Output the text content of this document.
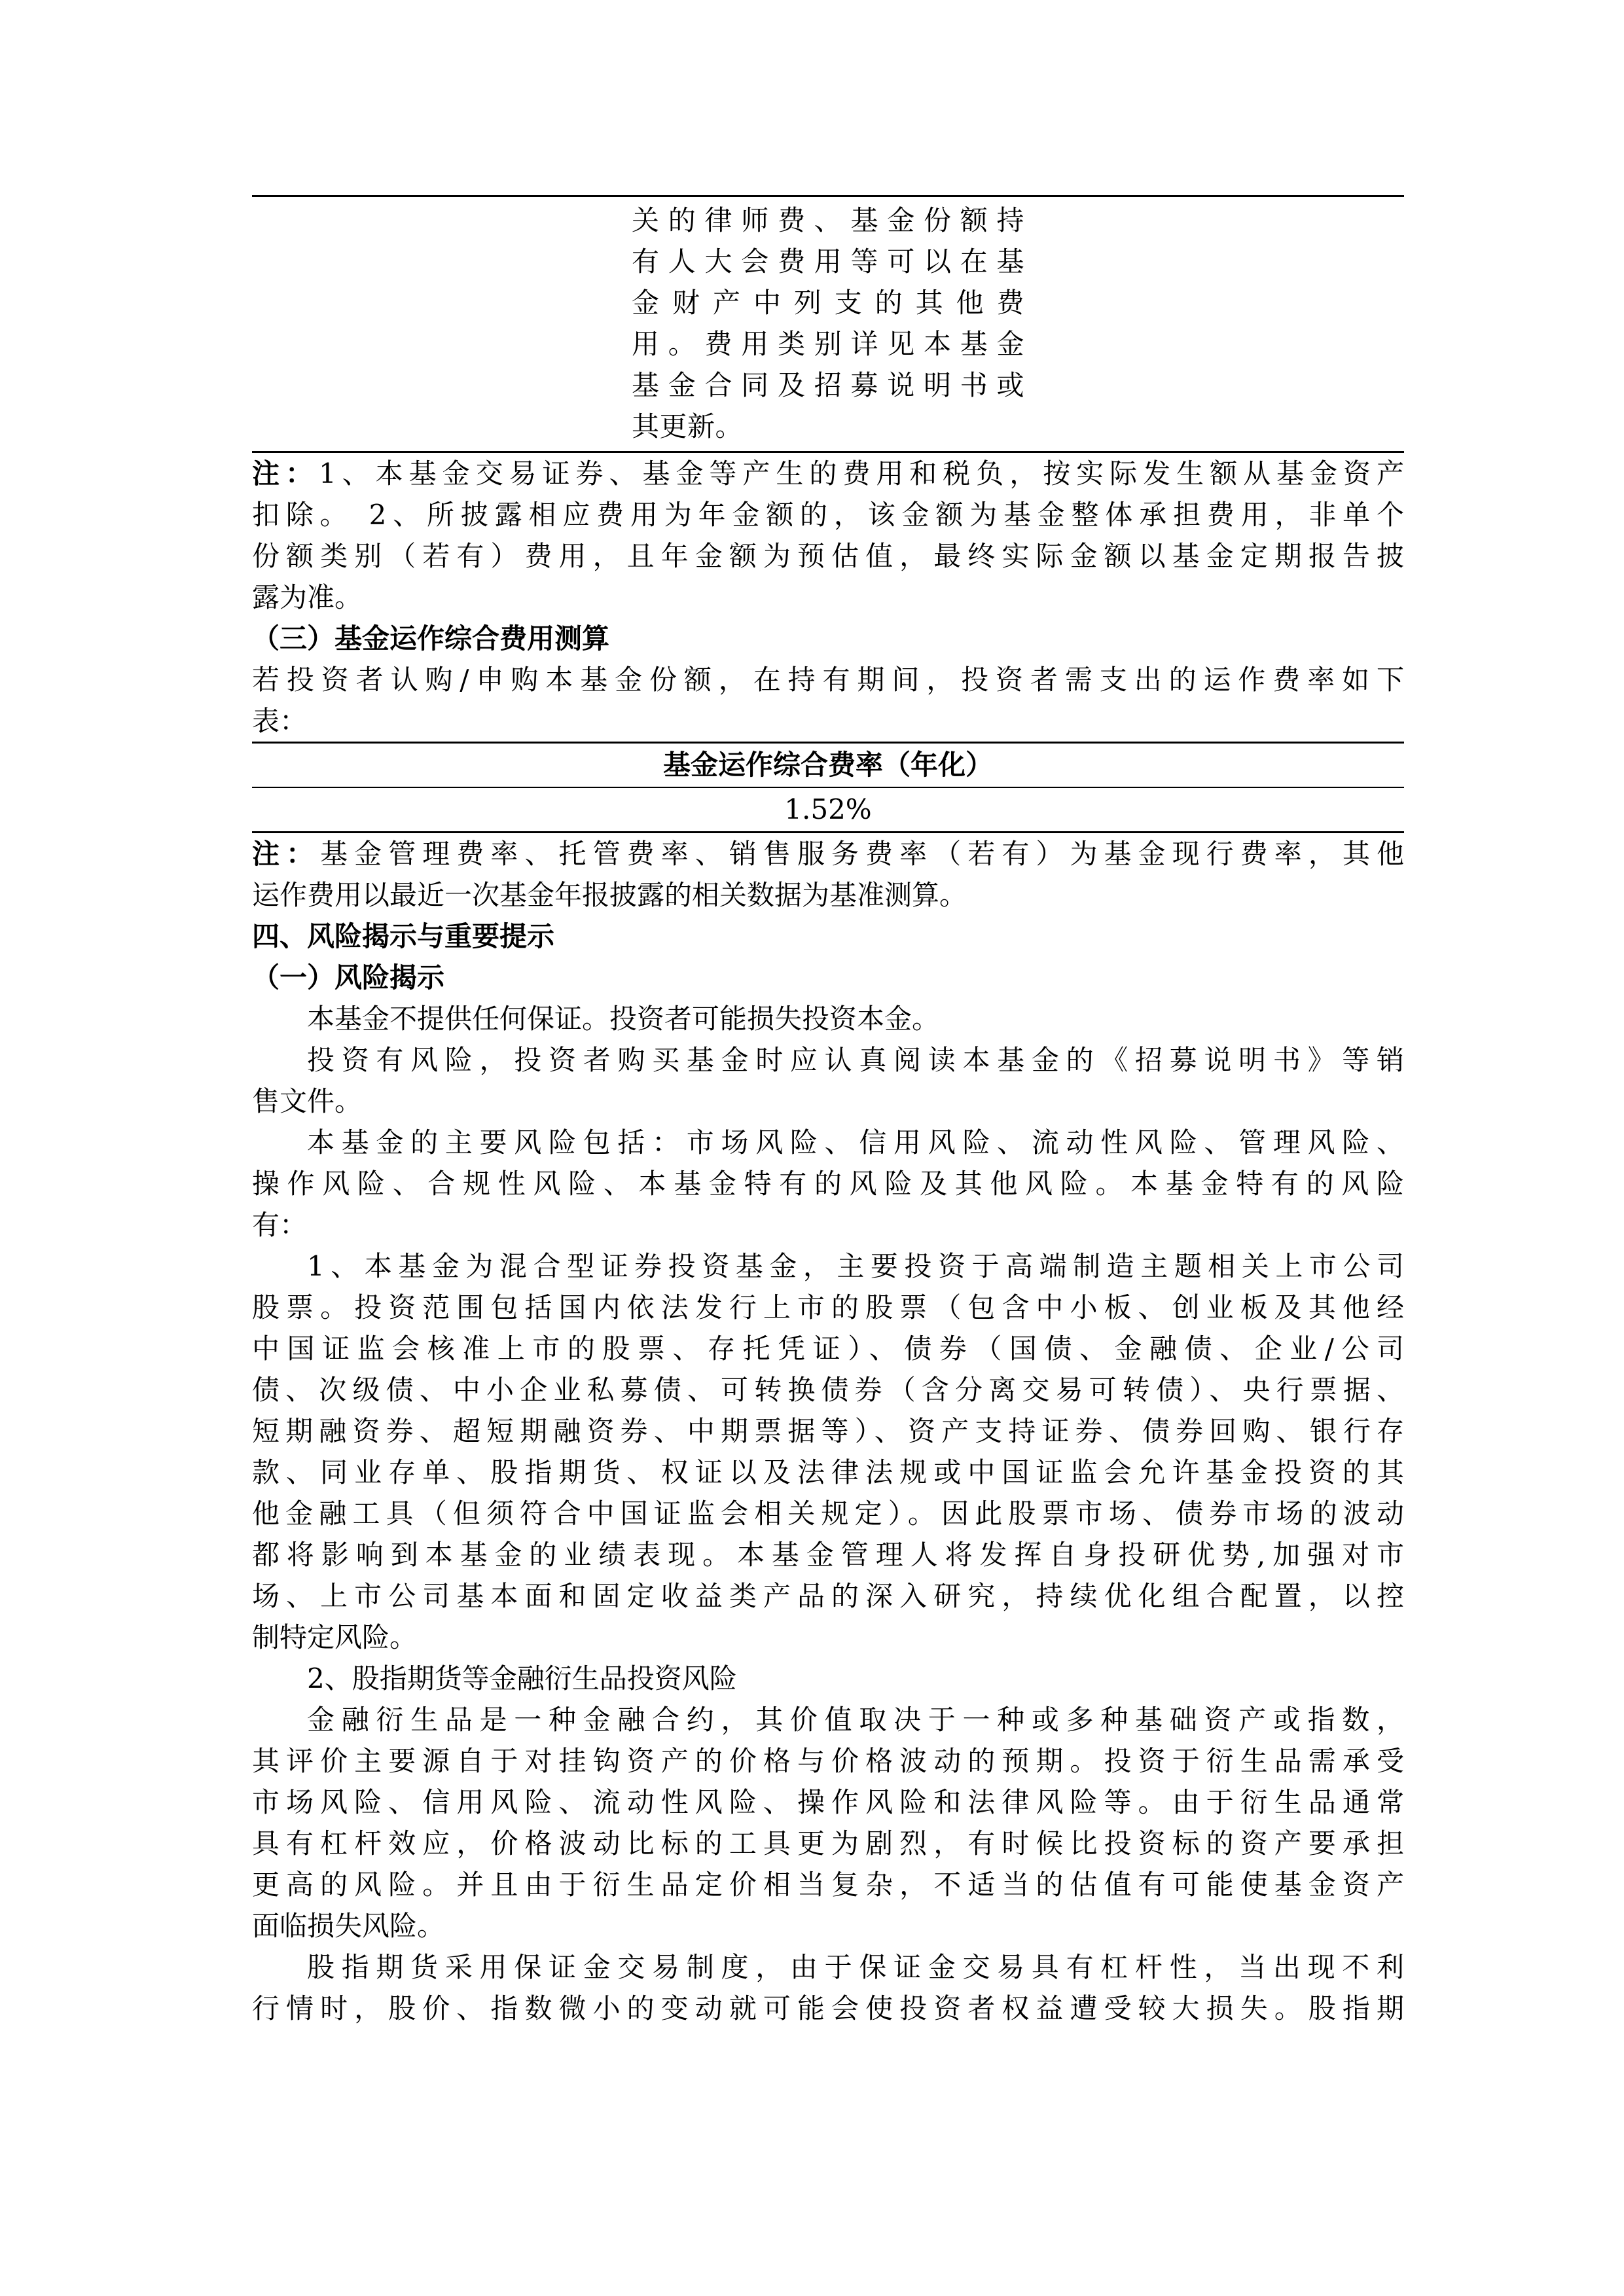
关的律师费、基金份额持
有人大会费用等可以在基
金财产中列支的其他费
用。费用类别详见本基金
基金合同及招募说明书或
其更新。
注：1、本基金交易证券、基金等产生的费用和税负，按实际发生额从基金资产
扣除。 2、所披露相应费用为年金额的，该金额为基金整体承担费用，非单个
份额类别（若有）费用，且年金额为预估值，最终实际金额以基金定期报告披
露为准。
（三）基金运作综合费用测算
若投资者认购/申购本基金份额，在持有期间，投资者需支出的运作费率如下
表：
基金运作综合费率（年化）
1.52%
注：基金管理费率、托管费率、销售服务费率（若有）为基金现行费率，其他
运作费用以最近一次基金年报披露的相关数据为基准测算。
四、风险揭示与重要提示
（一）风险揭示
本基金不提供任何保证。投资者可能损失投资本金。
投资有风险，投资者购买基金时应认真阅读本基金的《招募说明书》等销
售文件。
本基金的主要风险包括：市场风险、信用风险、流动性风险、管理风险、
操作风险、合规性风险、本基金特有的风险及其他风险。本基金特有的风险
有：
1、本基金为混合型证券投资基金，主要投资于高端制造主题相关上市公司
股票。投资范围包括国内依法发行上市的股票（包含中小板、创业板及其他经
中国证监会核准上市的股票、存托凭证）、债券（国债、金融债、企业/公司
债、次级债、中小企业私募债、可转换债券（含分离交易可转债）、央行票据、
短期融资券、超短期融资券、中期票据等）、资产支持证券、债券回购、银行存
款、同业存单、股指期货、权证以及法律法规或中国证监会允许基金投资的其
他金融工具（但须符合中国证监会相关规定）。因此股票市场、债券市场的波动
都将影响到本基金的业绩表现。本基金管理人将发挥自身投研优势,加强对市
场、上市公司基本面和固定收益类产品的深入研究，持续优化组合配置，以控
制特定风险。
2、股指期货等金融衍生品投资风险
金融衍生品是一种金融合约，其价值取决于一种或多种基础资产或指数，
其评价主要源自于对挂钩资产的价格与价格波动的预期。投资于衍生品需承受
市场风险、信用风险、流动性风险、操作风险和法律风险等。由于衍生品通常
具有杠杆效应，价格波动比标的工具更为剧烈，有时候比投资标的资产要承担
更高的风险。并且由于衍生品定价相当复杂，不适当的估值有可能使基金资产
面临损失风险。
股指期货采用保证金交易制度，由于保证金交易具有杠杆性，当出现不利
行情时，股价、指数微小的变动就可能会使投资者权益遭受较大损失。股指期
